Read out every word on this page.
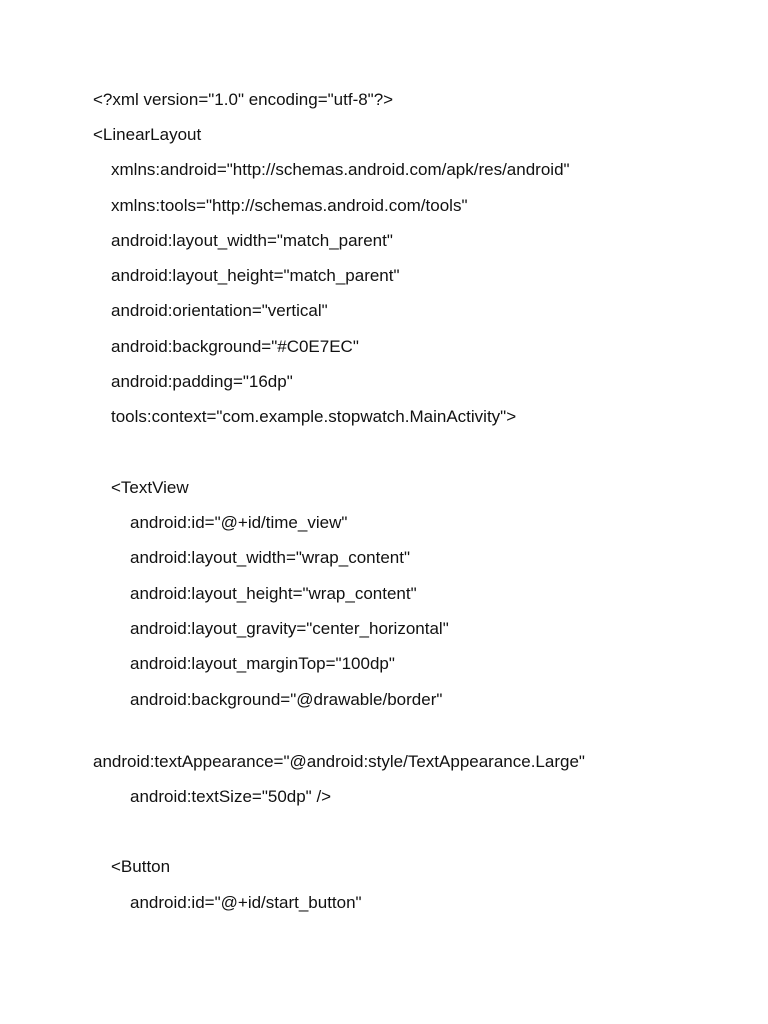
<?xml version="1.0" encoding="utf-8"?>
<LinearLayout
xmlns:android="http://schemas.android.com/apk/res/android"
xmlns:tools="http://schemas.android.com/tools"
android:layout_width="match_parent"
android:layout_height="match_parent"
android:orientation="vertical"
android:background="#C0E7EC"
android:padding="16dp"
tools:context="com.example.stopwatch.MainActivity">
<TextView
android:id="@+id/time_view"
android:layout_width="wrap_content"
android:layout_height="wrap_content"
android:layout_gravity="center_horizontal"
android:layout_marginTop="100dp"
android:background="@drawable/border"
android:textAppearance="@android:style/TextAppearance.Large"
android:textSize="50dp" />
<Button
android:id="@+id/start_button"
